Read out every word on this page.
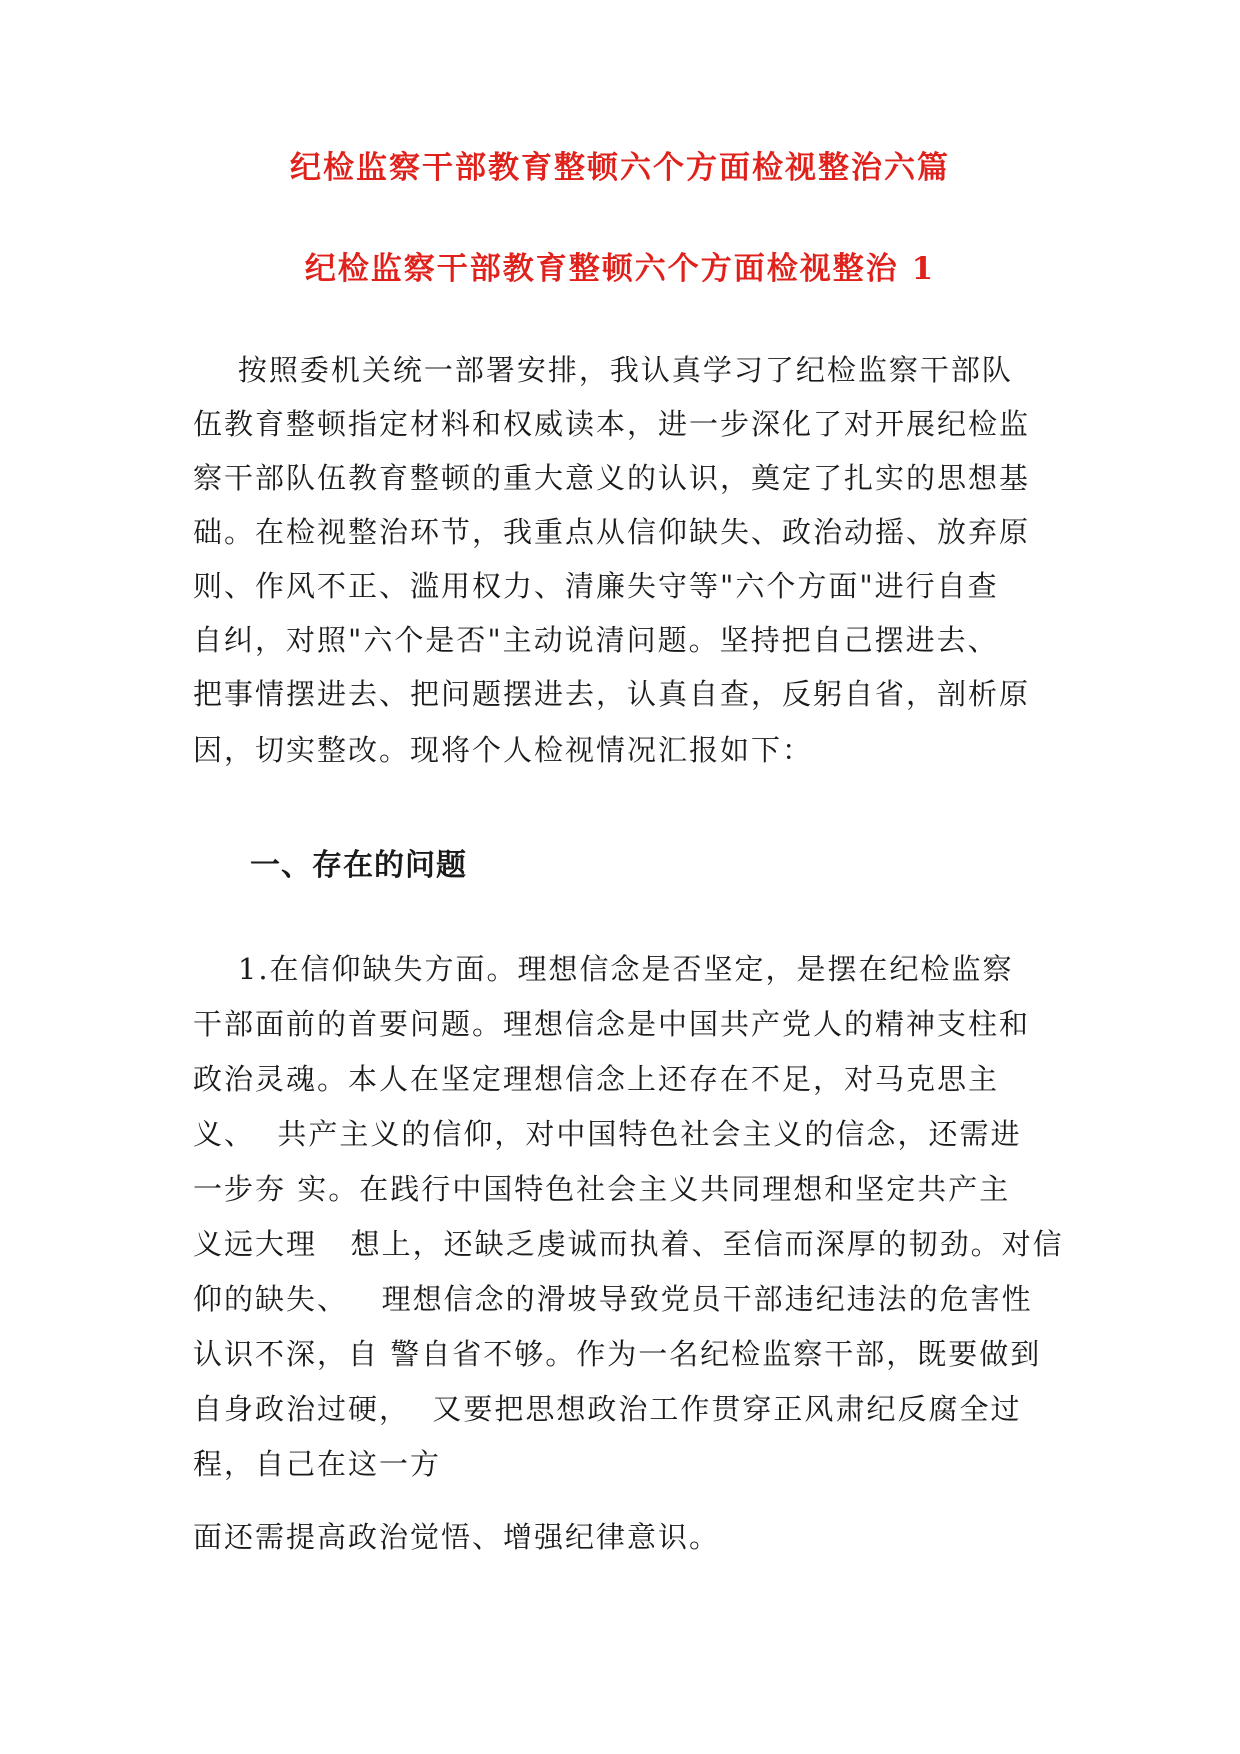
纪检监察干部教育整顿六个方面检视整治六篇
纪检监察干部教育整顿六个方面检视整治 1
按照委机关统一部署安排，我认真学习了纪检监察干部队
伍教育整顿指定材料和权威读本，进一步深化了对开展纪检监
察干部队伍教育整顿的重大意义的认识，奠定了扎实的思想基
础。在检视整治环节，我重点从信仰缺失、政治动摇、放弃原
则、作风不正、滥用权力、清廉失守等"六个方面"进行自查
自纠，对照"六个是否"主动说清问题。坚持把自己摆进去、
把事情摆进去、把问题摆进去，认真自查，反躬自省，剖析原
因，切实整改。现将个人检视情况汇报如下：
一、存在的问题
1.在信仰缺失方面。理想信念是否坚定，是摆在纪检监察
干部面前的首要问题。理想信念是中国共产党人的精神支柱和
政治灵魂。本人在坚定理想信念上还存在不足，对马克思主
义、  共产主义的信仰，对中国特色社会主义的信念，还需进
一步夯 实。在践行中国特色社会主义共同理想和坚定共产主
义远大理   想上，还缺乏虔诚而执着、至信而深厚的韧劲。对信
仰的缺失、   理想信念的滑坡导致党员干部违纪违法的危害性
认识不深，自 警自省不够。作为一名纪检监察干部，既要做到
自身政治过硬，  又要把思想政治工作贯穿正风肃纪反腐全过
程，自己在这一方
面还需提高政治觉悟、增强纪律意识。
